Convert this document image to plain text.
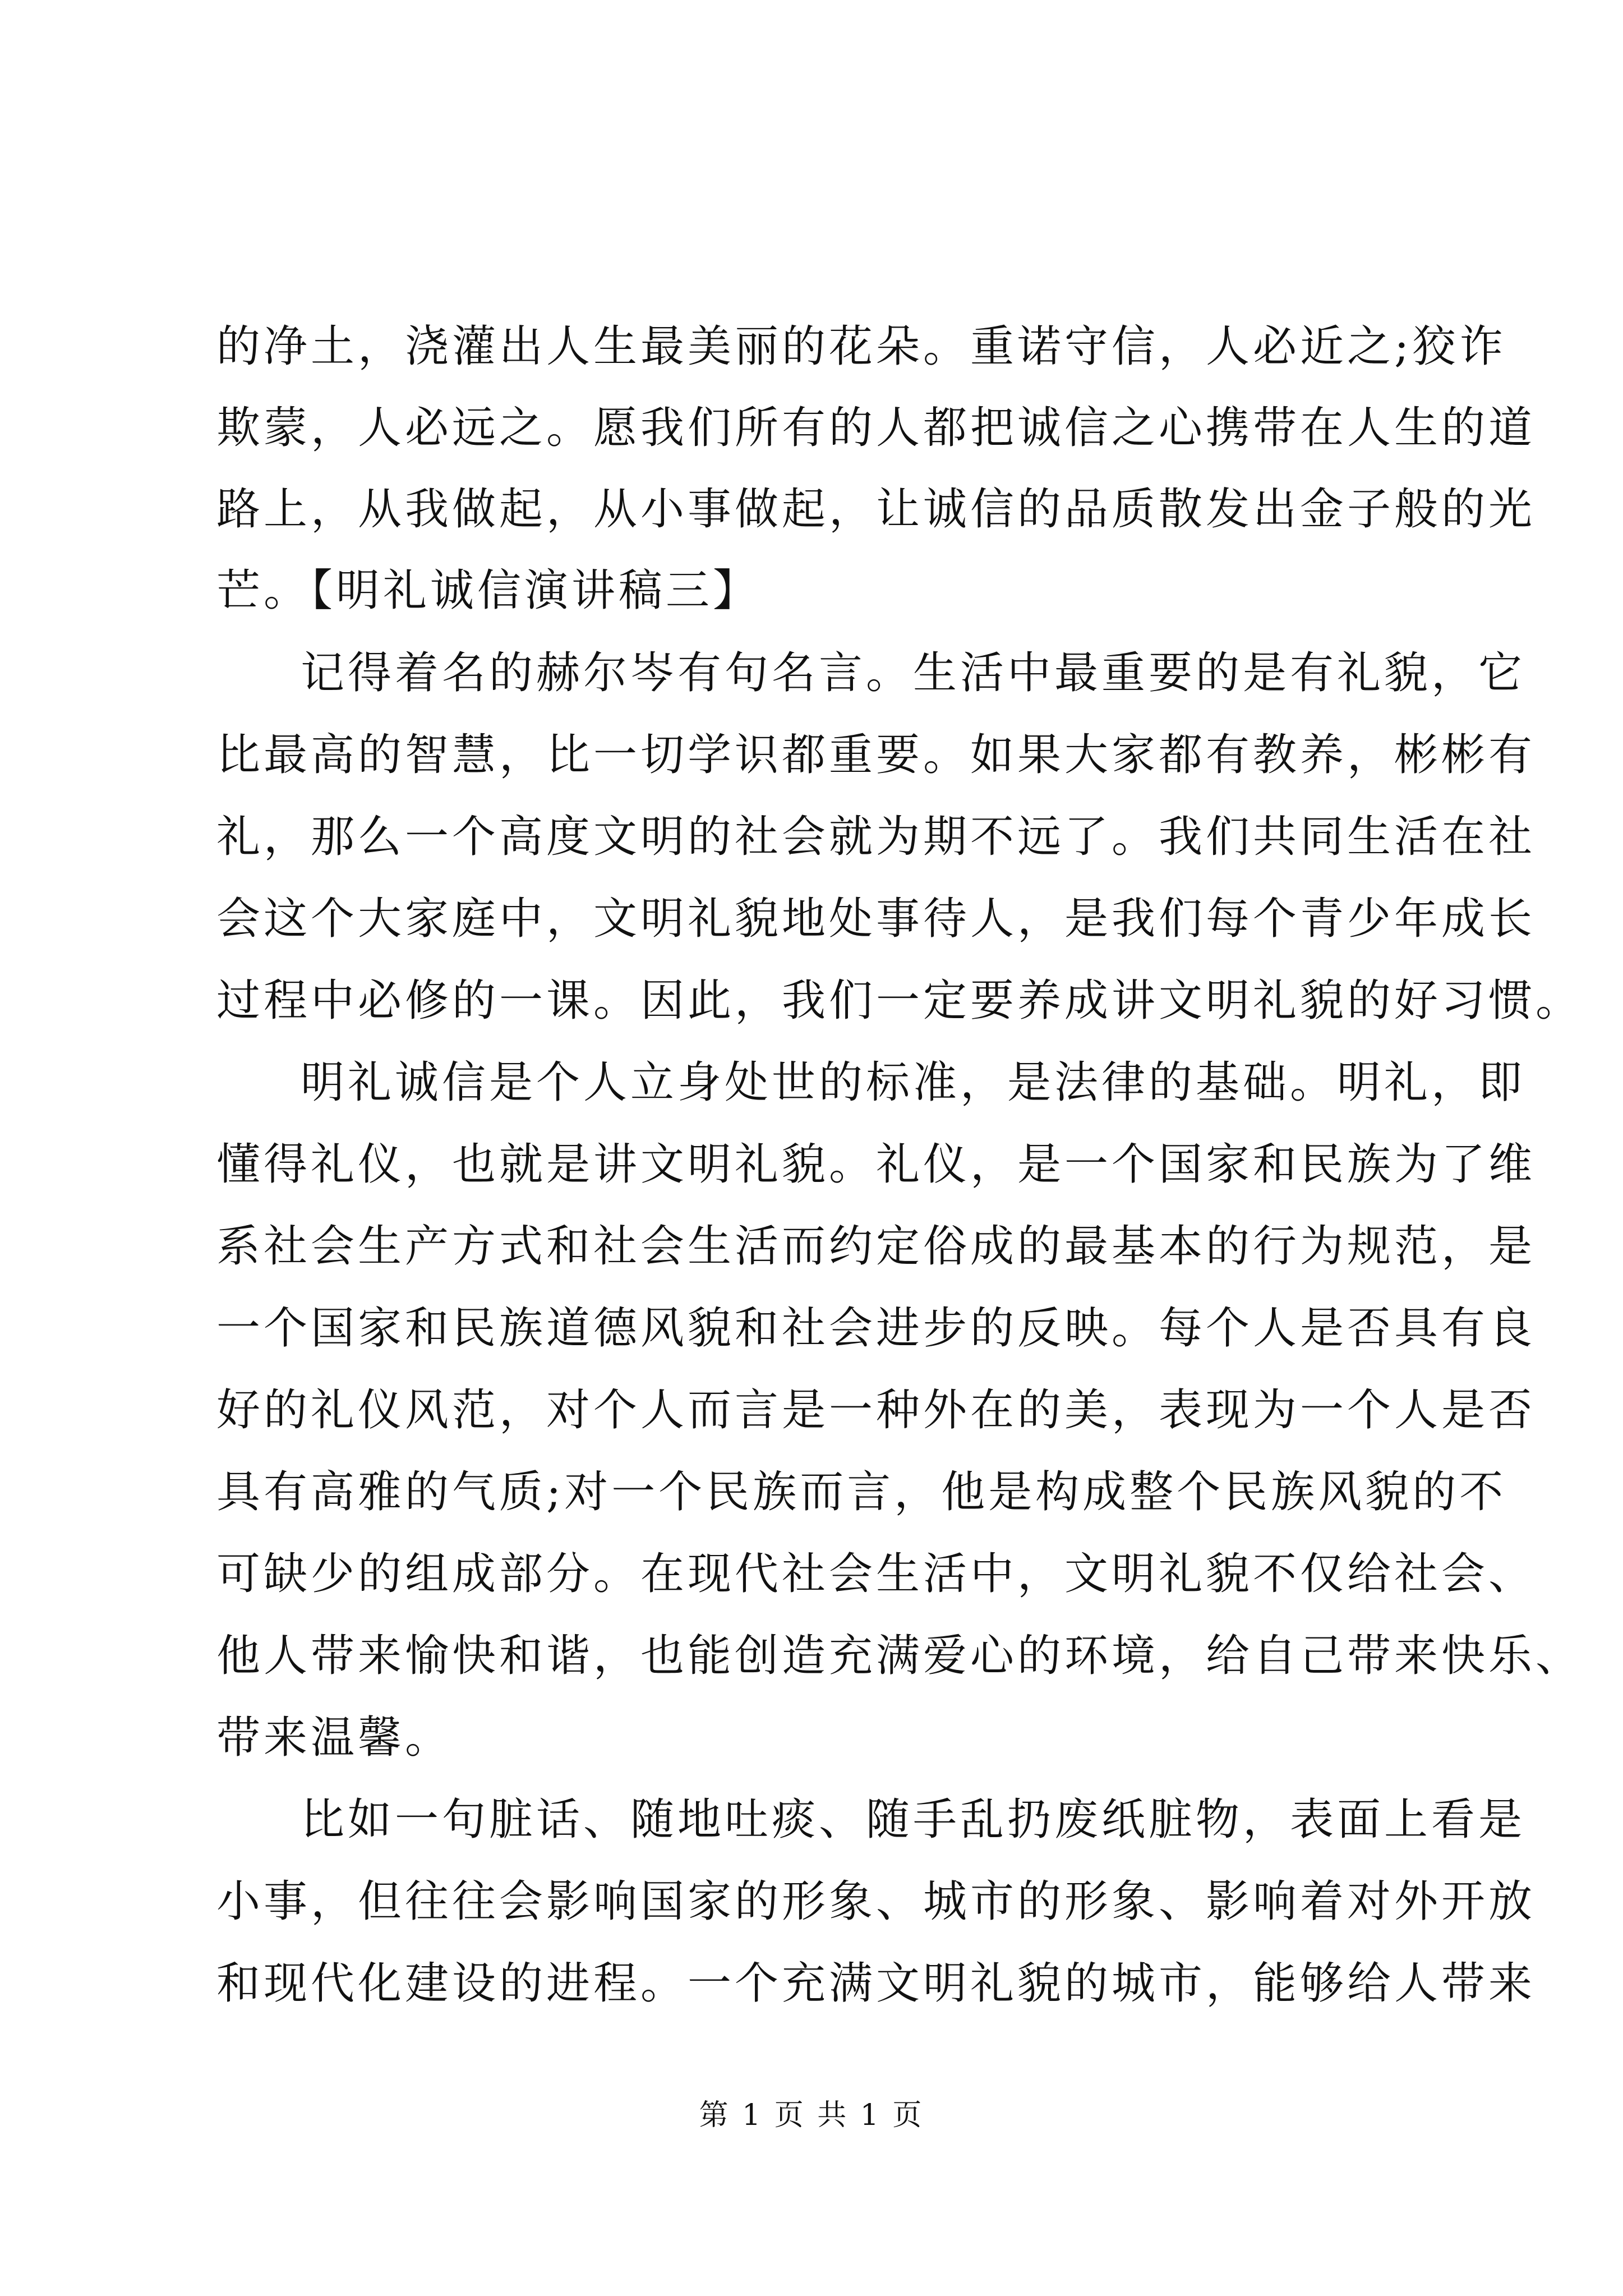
的净土，浇灌出人生最美丽的花朵。重诺守信，人必近之;狡诈
欺蒙，人必远之。愿我们所有的人都把诚信之心携带在人生的道
路上，从我做起，从小事做起，让诚信的品质散发出金子般的光
芒。【明礼诚信演讲稿三】
记得着名的赫尔岑有句名言。生活中最重要的是有礼貌，它
比最高的智慧，比一切学识都重要。如果大家都有教养，彬彬有
礼，那么一个高度文明的社会就为期不远了。我们共同生活在社
会这个大家庭中，文明礼貌地处事待人，是我们每个青少年成长
过程中必修的一课。因此，我们一定要养成讲文明礼貌的好习惯。
明礼诚信是个人立身处世的标准，是法律的基础。明礼，即
懂得礼仪，也就是讲文明礼貌。礼仪，是一个国家和民族为了维
系社会生产方式和社会生活而约定俗成的最基本的行为规范，是
一个国家和民族道德风貌和社会进步的反映。每个人是否具有良
好的礼仪风范，对个人而言是一种外在的美，表现为一个人是否
具有高雅的气质;对一个民族而言，他是构成整个民族风貌的不
可缺少的组成部分。在现代社会生活中，文明礼貌不仅给社会、
他人带来愉快和谐，也能创造充满爱心的环境，给自己带来快乐、
带来温馨。
比如一句脏话、随地吐痰、随手乱扔废纸脏物，表面上看是
小事，但往往会影响国家的形象、城市的形象、影响着对外开放
和现代化建设的进程。一个充满文明礼貌的城市，能够给人带来
第 1 页 共 1 页
